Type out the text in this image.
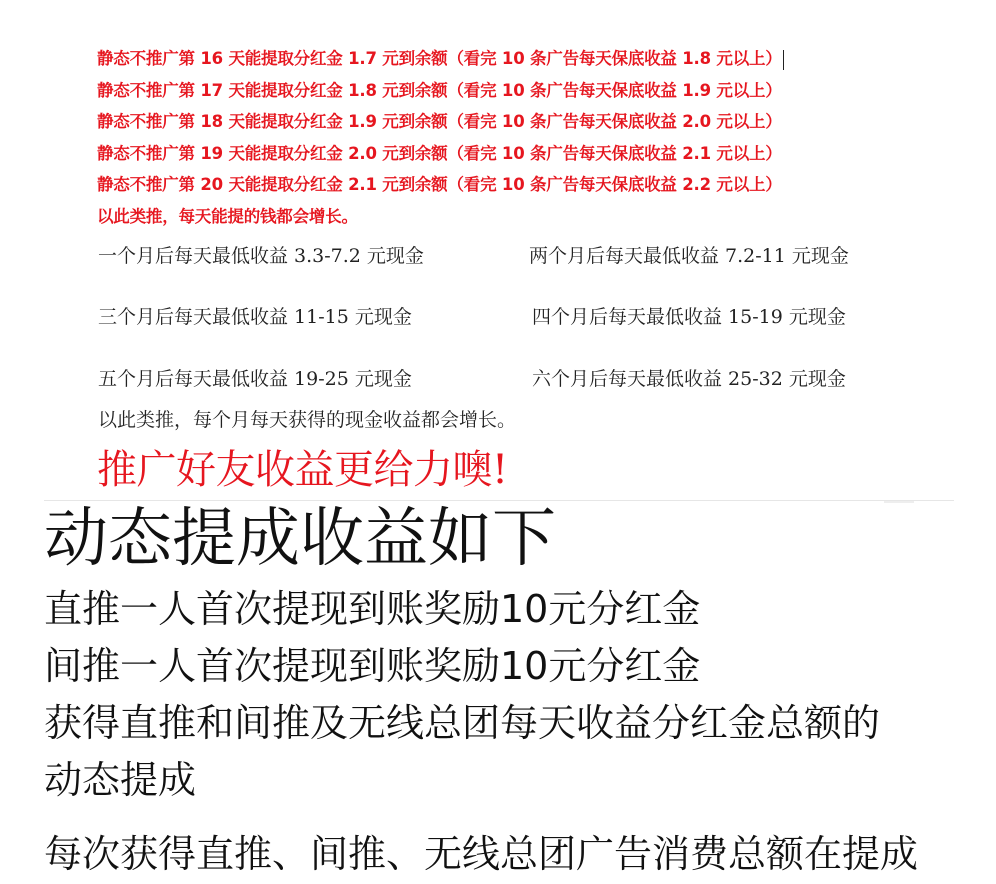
静态不推广第 16 天能提取分红金 1.7 元到余额（看完 10 条广告每天保底收益 1.8 元以上）
静态不推广第 17 天能提取分红金 1.8 元到余额（看完 10 条广告每天保底收益 1.9 元以上）
静态不推广第 18 天能提取分红金 1.9 元到余额（看完 10 条广告每天保底收益 2.0 元以上）
静态不推广第 19 天能提取分红金 2.0 元到余额（看完 10 条广告每天保底收益 2.1 元以上）
静态不推广第 20 天能提取分红金 2.1 元到余额（看完 10 条广告每天保底收益 2.2 元以上）
以此类推，每天能提的钱都会增长。
一个月后每天最低收益 3.3-7.2 元现金	两个月后每天最低收益 7.2-11 元现金
三个月后每天最低收益 11-15 元现金	四个月后每天最低收益 15-19 元现金
五个月后每天最低收益 19-25 元现金	六个月后每天最低收益 25-32 元现金
以此类推，每个月每天获得的现金收益都会增长。
推广好友收益更给力噢!
动态提成收益如下
直推一人首次提现到账奖励10元分红金
间推一人首次提现到账奖励10元分红金
获得直推和间推及无线总团每天收益分红金总额的
动态提成
每次获得直推、间推、无线总团广告消费总额在提成
